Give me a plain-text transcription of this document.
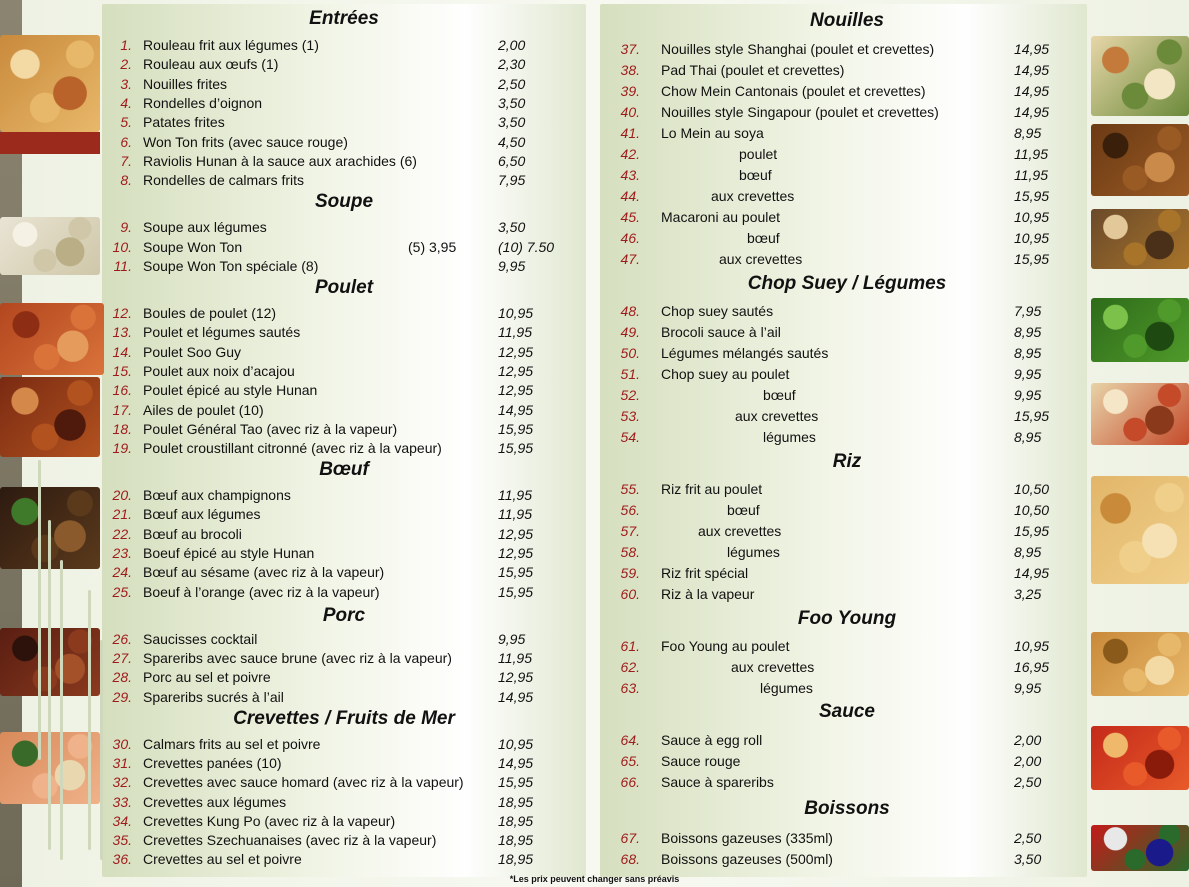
Entrées
1. Rouleau frit aux légumes (1)	2,00
2. Rouleau aux œufs (1)	2,30
3. Nouilles frites	2,50
4. Rondelles d’oignon	3,50
5. Patates frites	3,50
6. Won Ton frits (avec sauce rouge)	4,50
7. Raviolis Hunan à la sauce aux arachides (6)	6,50
8. Rondelles de calmars frits	7,95
Soupe
9. Soupe aux légumes	3,50
10. Soupe Won Ton	(5) 3,95	(10) 7.50
11. Soupe Won Ton spéciale (8)	9,95
Poulet
12. Boules de poulet (12)	10,95
13. Poulet et légumes sautés	11,95
14. Poulet Soo Guy	12,95
15. Poulet aux noix d’acajou	12,95
16. Poulet épicé au style Hunan	12,95
17. Ailes de poulet (10)	14,95
18. Poulet Général Tao (avec riz à la vapeur)	15,95
19. Poulet croustillant citronné (avec riz à la vapeur)	15,95
Bœuf
20. Bœuf aux champignons	11,95
21. Bœuf aux légumes	11,95
22. Bœuf au brocoli	12,95
23. Boeuf épicé au style Hunan	12,95
24. Bœuf au sésame (avec riz à la vapeur)	15,95
25. Boeuf à l’orange (avec riz à la vapeur)	15,95
Porc
26. Saucisses cocktail	9,95
27. Spareribs avec sauce brune (avec riz à la vapeur)	11,95
28. Porc au sel et poivre	12,95
29. Spareribs sucrés à l’ail	14,95
Crevettes / Fruits de Mer
30. Calmars frits au sel et poivre	10,95
31. Crevettes panées (10)	14,95
32. Crevettes avec sauce homard (avec riz à la vapeur) 15,95
33. Crevettes aux légumes	18,95
34. Crevettes Kung Po (avec riz à la vapeur)	18,95
35. Crevettes Szechuanaises (avec riz à la vapeur)	18,95
36. Crevettes au sel et poivre	18,95
Nouilles
37. Nouilles style Shanghai (poulet et crevettes)	14,95
38. Pad Thai (poulet et crevettes)	14,95
39. Chow Mein Cantonais (poulet et crevettes)	14,95
40. Nouilles style Singapour (poulet et crevettes)	14,95
41. Lo Mein au soya	8,95
42.	poulet	11,95
43.	bœuf	11,95
44.	aux crevettes	15,95
45. Macaroni au poulet	10,95
46.	bœuf	10,95
47.	aux crevettes	15,95
Chop Suey / Légumes
48. Chop suey sautés	7,95
49. Brocoli sauce à l’ail	8,95
50. Légumes mélangés sautés	8,95
51. Chop suey au poulet	9,95
52.	bœuf	9,95
53.	aux crevettes	15,95
54.	légumes	8,95
Riz
55. Riz frit au poulet	10,50
56.	bœuf	10,50
57.	aux crevettes	15,95
58.	légumes	8,95
59. Riz frit spécial	14,95
60. Riz à la vapeur	3,25
Foo Young
61. Foo Young au poulet	10,95
62.	aux crevettes	16,95
63.	légumes	9,95
Sauce
64. Sauce à egg roll	2,00
65. Sauce rouge	2,00
66. Sauce à spareribs	2,50
Boissons
67. Boissons gazeuses (335ml)	2,50
68. Boissons gazeuses (500ml)	3,50
*Les prix peuvent changer sans préavis
